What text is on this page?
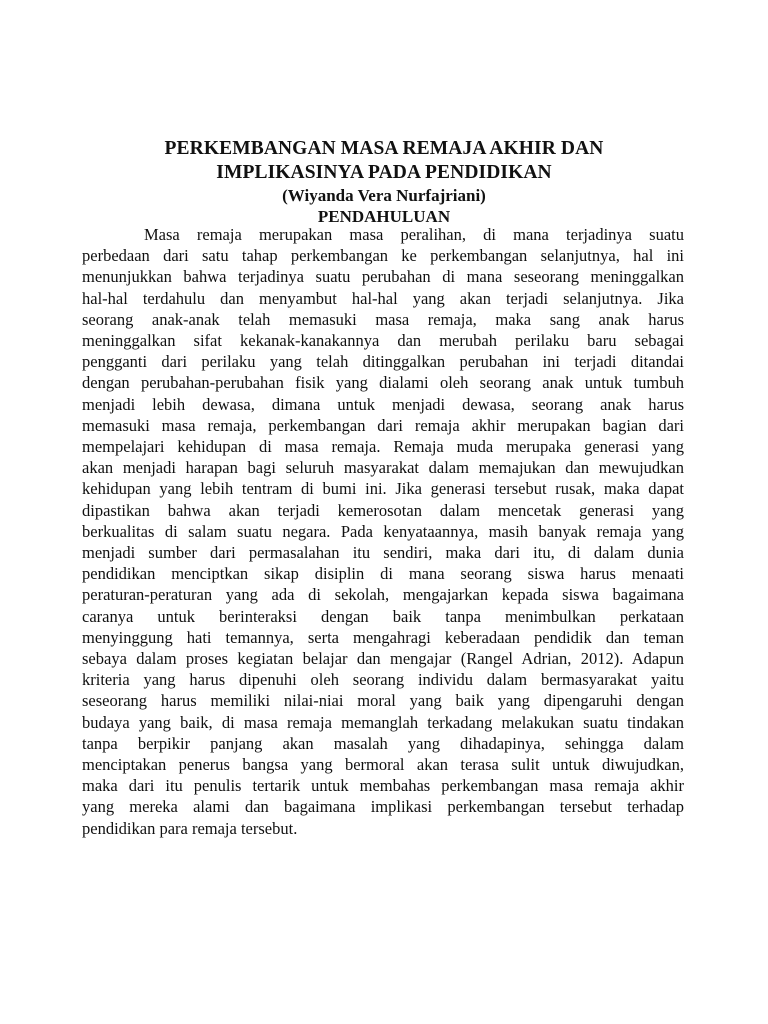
PERKEMBANGAN MASA REMAJA AKHIR DAN
IMPLIKASINYA PADA PENDIDIKAN

(Wiyanda Vera Nurfajriani)

PENDAHULUAN
Masa remaja merupakan masa peralihan, di mana terjadinya suatu
perbedaan dari satu tahap perkembangan ke perkembangan selanjutnya, hal ini
menunjukkan bahwa terjadinya suatu perubahan di mana seseorang meninggalkan
hal-hal terdahulu dan menyambut hal-hal yang akan terjadi selanjutnya. Jika
seorang anak-anak telah memasuki masa remaja, maka sang anak harus
meninggalkan sifat kekanak-kanakannya dan merubah perilaku baru sebagai
pengganti dari perilaku yang telah ditinggalkan perubahan ini terjadi ditandai
dengan perubahan-perubahan fisik yang dialami oleh seorang anak untuk tumbuh
menjadi lebih dewasa, dimana untuk menjadi dewasa, seorang anak harus
memasuki masa remaja, perkembangan dari remaja akhir merupakan bagian dari
mempelajari kehidupan di masa remaja. Remaja muda merupaka generasi yang
akan menjadi harapan bagi seluruh masyarakat dalam memajukan dan mewujudkan
kehidupan yang lebih tentram di bumi ini. Jika generasi tersebut rusak, maka dapat
dipastikan bahwa akan terjadi kemerosotan dalam mencetak generasi yang
berkualitas di salam suatu negara. Pada kenyataannya, masih banyak remaja yang
menjadi sumber dari permasalahan itu sendiri, maka dari itu, di dalam dunia
pendidikan menciptkan sikap disiplin di mana seorang siswa harus menaati
peraturan-peraturan yang ada di sekolah, mengajarkan kepada siswa bagaimana
caranya untuk berinteraksi dengan baik tanpa menimbulkan perkataan
menyinggung hati temannya, serta mengahragi keberadaan pendidik dan teman
sebaya dalam proses kegiatan belajar dan mengajar (Rangel Adrian, 2012). Adapun
kriteria yang harus dipenuhi oleh seorang individu dalam bermasyarakat yaitu
seseorang harus memiliki nilai-niai moral yang baik yang dipengaruhi dengan
budaya yang baik, di masa remaja memanglah terkadang melakukan suatu tindakan
tanpa berpikir panjang akan masalah yang dihadapinya, sehingga dalam
menciptakan penerus bangsa yang bermoral akan terasa sulit untuk diwujudkan,
maka dari itu penulis tertarik untuk membahas perkembangan masa remaja akhir
yang mereka alami dan bagaimana implikasi perkembangan tersebut terhadap
pendidikan para remaja tersebut.
